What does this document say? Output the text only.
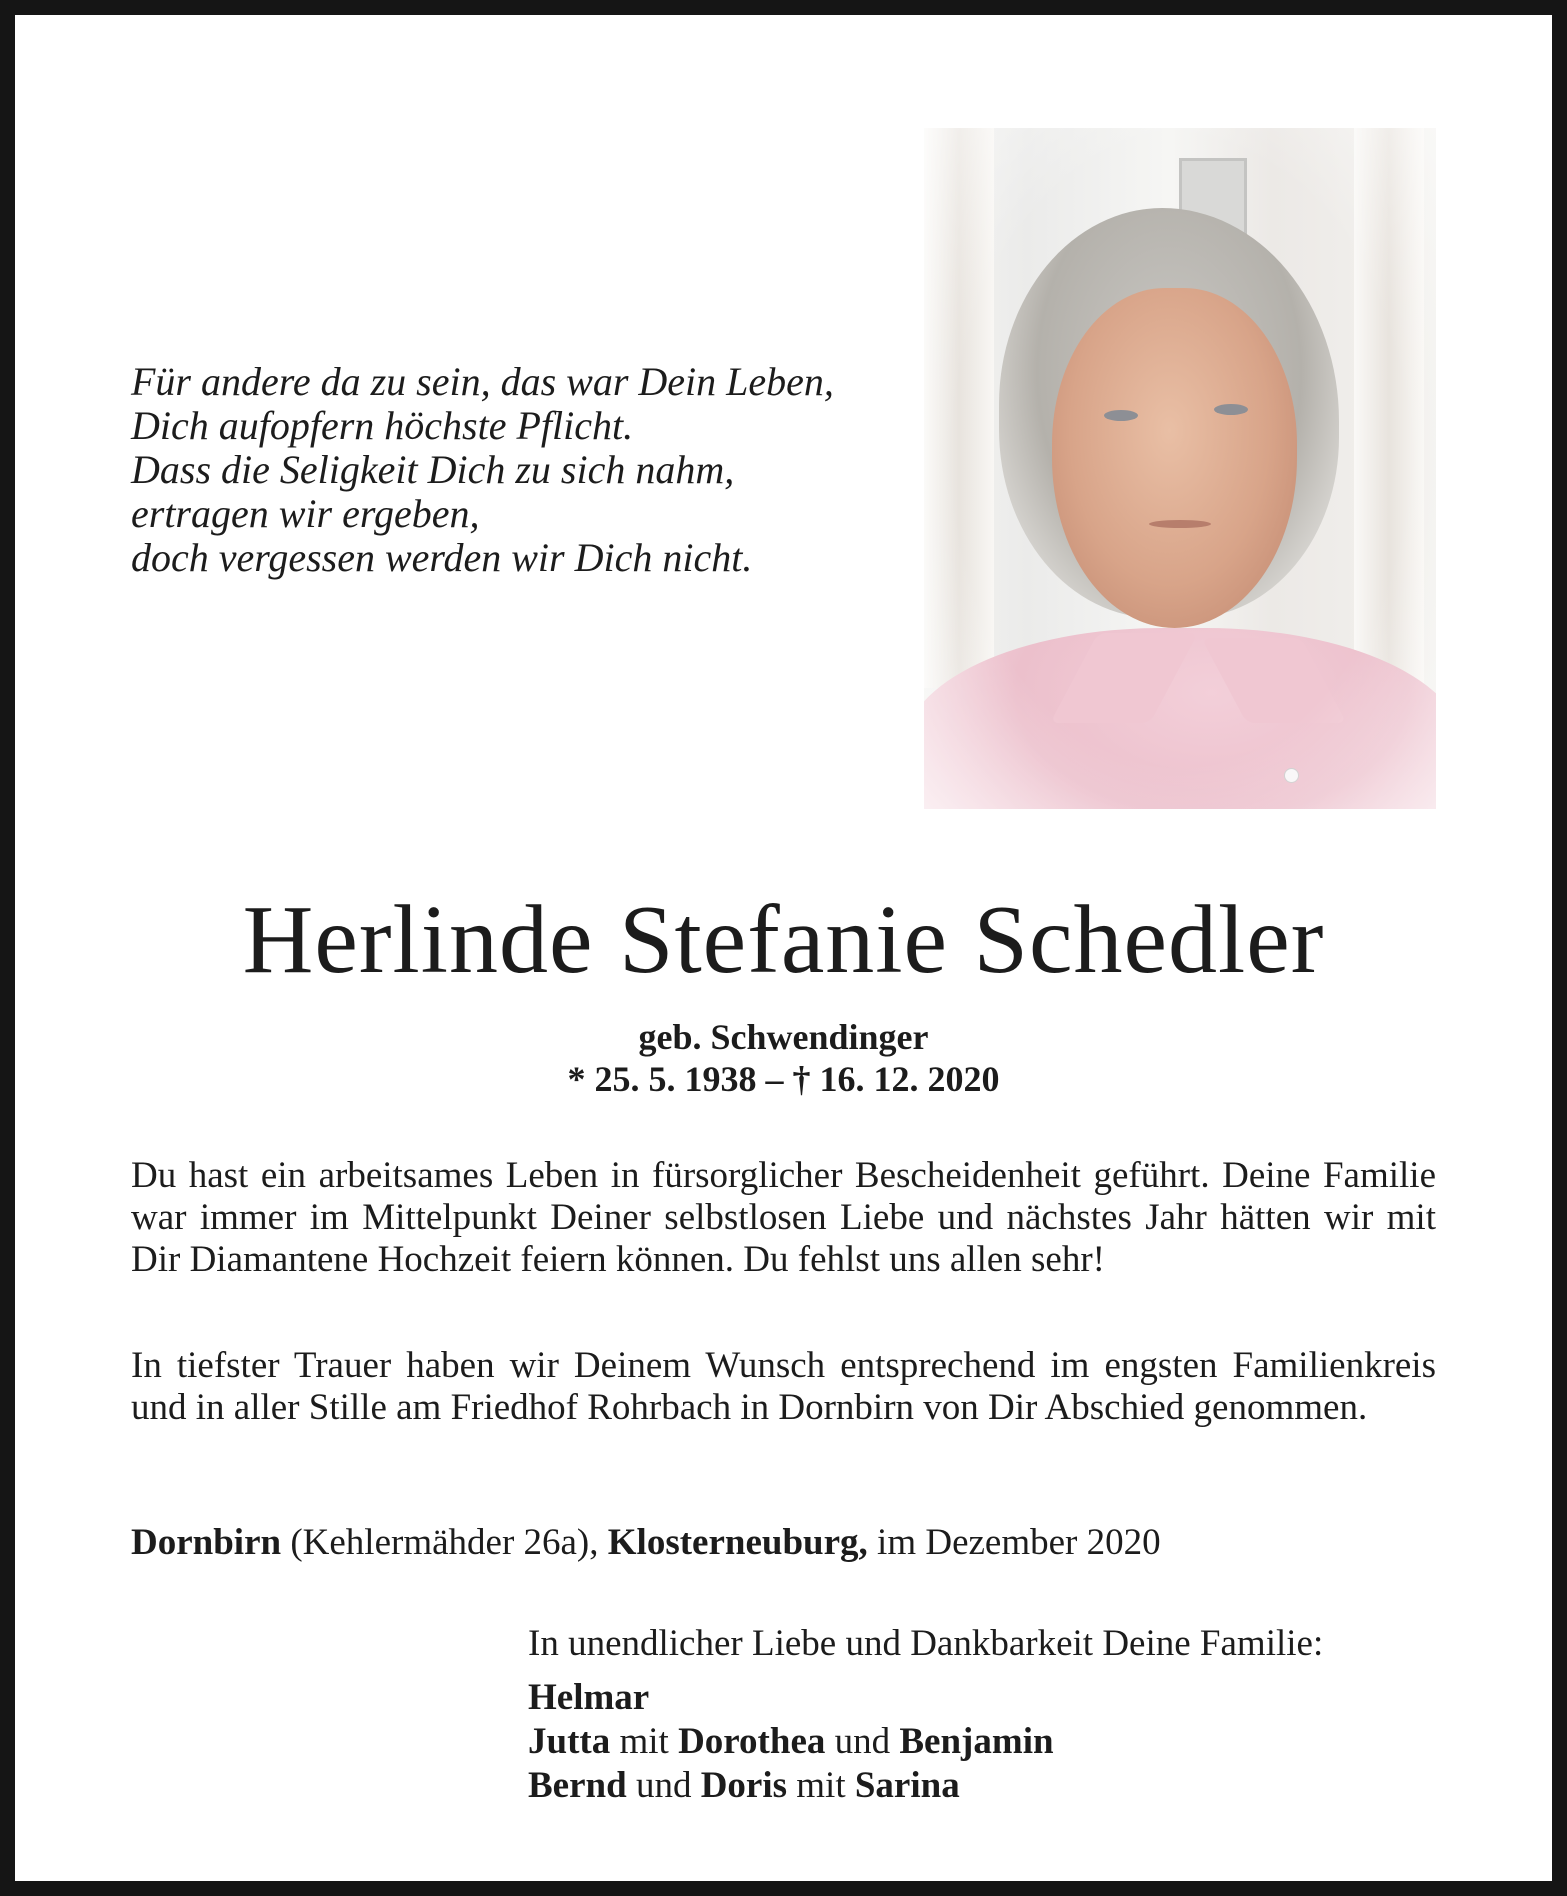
Für andere da zu sein, das war Dein Leben,
Dich aufopfern höchste Pflicht.
Dass die Seligkeit Dich zu sich nahm,
ertragen wir ergeben,
doch vergessen werden wir Dich nicht.
Herlinde Stefanie Schedler
geb. Schwendinger
* 25. 5. 1938 – † 16. 12. 2020
Du hast ein arbeitsames Leben in fürsorglicher Bescheidenheit geführt. Deine Familie war immer im Mittelpunkt Deiner selbstlosen Liebe und nächstes Jahr hätten wir mit Dir Diamantene Hochzeit feiern können. Du fehlst uns allen sehr!
In tiefster Trauer haben wir Deinem Wunsch entsprechend im engsten Familienkreis und in aller Stille am Friedhof Rohrbach in Dornbirn von Dir Abschied genommen.
Dornbirn (Kehlermähder 26a), Klosterneuburg, im Dezember 2020
In unendlicher Liebe und Dankbarkeit Deine Familie:
Helmar
Jutta mit Dorothea und Benjamin
Bernd und Doris mit Sarina
